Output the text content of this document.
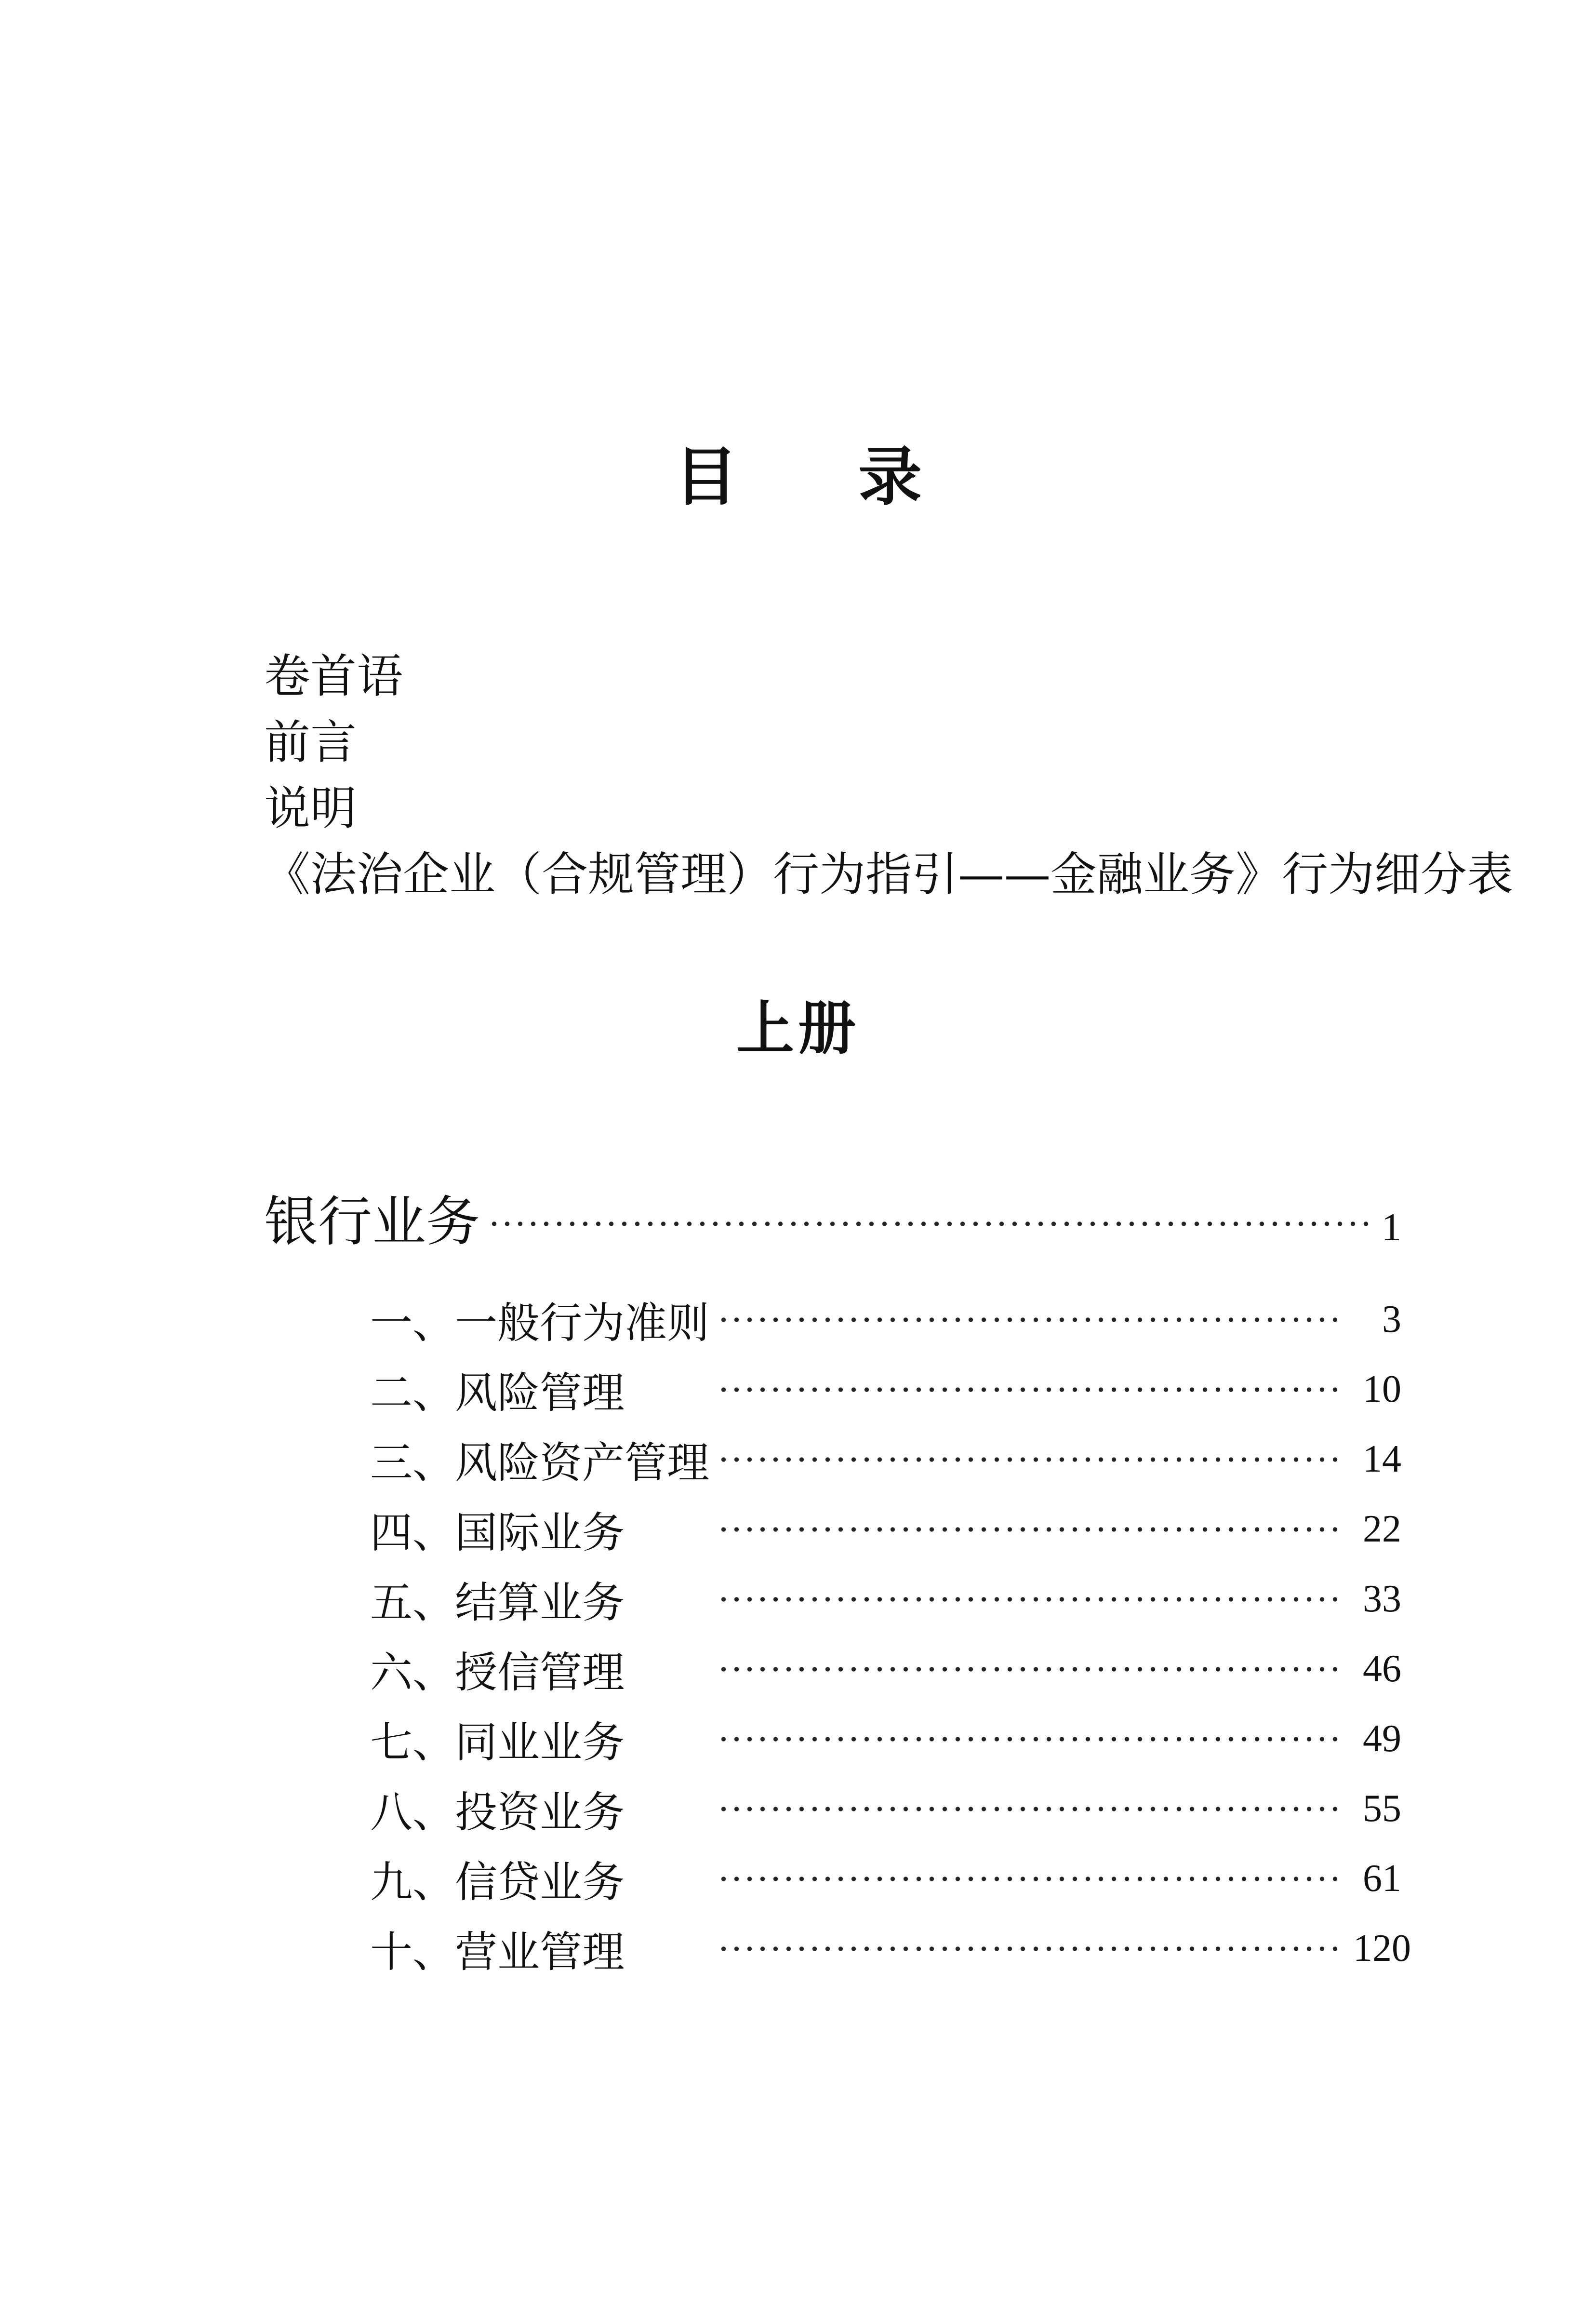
目 录
卷首语
前言
说明
《法治企业（合规管理）行为指引——金融业务》行为细分表
上册
银行业务	1
一、一般行为准则	3
二、风险管理	10
三、风险资产管理	14
四、国际业务	22
五、结算业务	33
六、授信管理	46
七、同业业务	49
八、投资业务	55
九、信贷业务	61
十、营业管理	120
